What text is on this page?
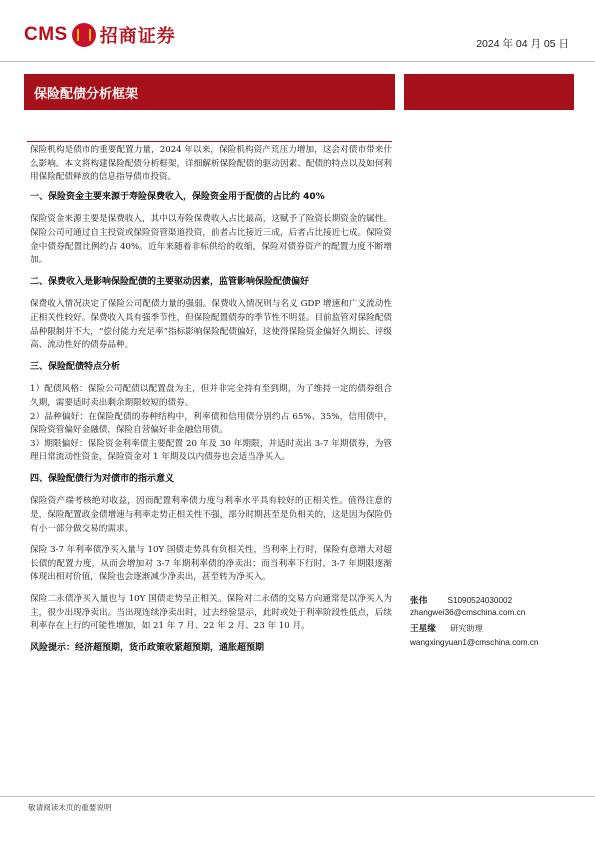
CMS 招商证券	2024 年 04 月 05 日
保险配债分析框架

保险机构是债市的重要配置力量，2024 年以来，保险机构资产荒压力增加，这会对债市带来什么影响。本文将构建保险配债分析框架，详细解析保险配债的驱动因素、配债的特点以及如何利用保险配债释放的信息指导债市投资。

一、保险资金主要来源于寿险保费收入，保险资金用于配债的占比约 40%

保险资金来源主要是保费收入，其中以寿险保费收入占比最高，这赋予了险资长期资金的属性。保险公司可通过自主投资或保险资管渠道投资，前者占比接近三成，后者占比接近七成。保险资金中债券配置比例约占 40%。近年来随着非标供给的收缩，保险对债券资产的配置力度不断增加。

二、保费收入是影响保险配债的主要驱动因素，监管影响保险配债偏好

保费收入情况决定了保险公司配债力量的强弱。保费收入情况则与名义 GDP 增速和广义流动性正相关性较好。保费收入具有强季节性，但保险配置债券的季节性不明显。目前监管对保险配债品种限制并不大，“偿付能力充足率”指标影响保险配债偏好，这使得保险资金偏好久期长、评级高、流动性好的债券品种。

三、保险配债特点分析

1）配债风格：保险公司配债以配置盘为主，但并非完全持有至到期，为了维持一定的债券组合久期，需要适时卖出剩余期限较短的债券。

2）品种偏好：在保险配债的券种结构中，利率债和信用债分别约占 65%、35%，信用债中，保险资管偏好金融债，保险自营偏好非金融信用债。

3）期限偏好：保险资金利率债主要配置 20 年及 30 年期限，并适时卖出 3-7 年期债券，为管理日常流动性资金，保险资金对 1 年期及以内债券也会适当净买入。

四、保险配债行为对债市的指示意义

保险资产端考核绝对收益，因而配置利率债力度与利率水平具有较好的正相关性。值得注意的是，保险配置政金债增速与利率走势正相关性不强，部分时期甚至是负相关的，这是因为保险仍有小一部分做交易的需求。

保险 3-7 年利率债净买入量与 10Y 国债走势具有负相关性，当利率上行时，保险有意增大对超长债的配置力度，从而会增加对 3-7 年期利率债的净卖出；而当利率下行时，3-7 年期限逐渐体现出相对价值，保险也会逐渐减少净卖出，甚至转为净买入。

保险二永债净买入量也与 10Y 国债走势呈正相关。保险对二永债的交易方向通常是以净买入为主，很少出现净卖出。当出现连续净卖出时，过去经验显示，此时或处于利率阶段性低点，后续利率存在上行的可能性增加，如 21 年 7 月、22 年 2 月、23 年 10 月。

风险提示：经济超预期，货币政策收紧超预期，通胀超预期

张伟 S1090524030002
zhangwei36@cmschina.com.cn
王星缘 研究助理
wangxingyuan1@cmschina.com.cn
敬请阅读末页的重要说明
